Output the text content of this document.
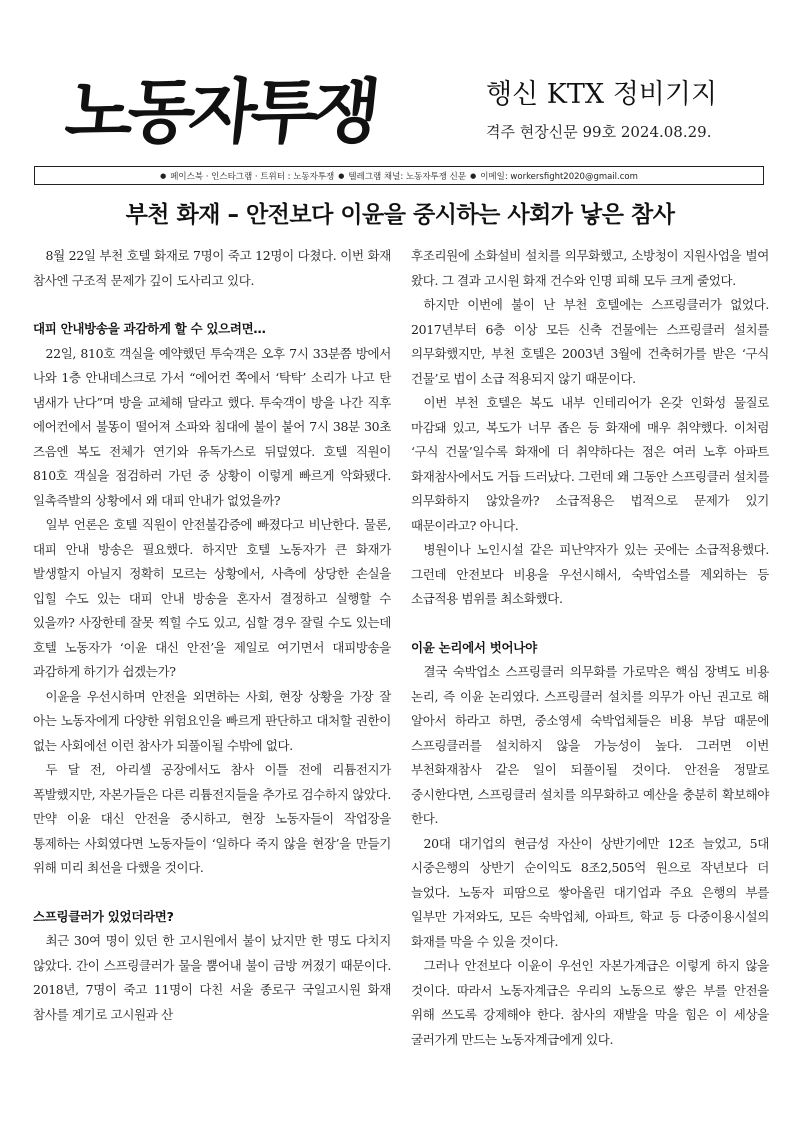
노동자투쟁	행신 KTX 정비기지
격주 현장신문 99호 2024.08.29.
● 페이스북 · 인스타그램 · 트위터 : 노동자투쟁 ● 텔레그램 채널: 노동자투쟁 신문 ● 이메일: workersfight2020@gmail.com
부천 화재 – 안전보다 이윤을 중시하는 사회가 낳은 참사

8월 22일 부천 호텔 화재로 7명이 죽고 12명이 다쳤다. 이번 화재 참사엔 구조적 문제가 깊이 도사리고 있다.

대피 안내방송을 과감하게 할 수 있으려면…

22일, 810호 객실을 예약했던 투숙객은 오후 7시 33분쯤 방에서 나와 1층 안내데스크로 가서 “에어컨 쪽에서 ‘탁탁’ 소리가 나고 탄 냄새가 난다”며 방을 교체해 달라고 했다. 투숙객이 방을 나간 직후 에어컨에서 불똥이 떨어져 소파와 침대에 불이 붙어 7시 38분 30초 즈음엔 복도 전체가 연기와 유독가스로 뒤덮였다. 호텔 직원이 810호 객실을 점검하러 가던 중 상황이 이렇게 빠르게 악화됐다. 일촉즉발의 상황에서 왜 대피 안내가 없었을까?

일부 언론은 호텔 직원이 안전불감증에 빠졌다고 비난한다. 물론, 대피 안내 방송은 필요했다. 하지만 호텔 노동자가 큰 화재가 발생할지 아닐지 정확히 모르는 상황에서, 사측에 상당한 손실을 입힐 수도 있는 대피 안내 방송을 혼자서 결정하고 실행할 수 있을까? 사장한테 잘못 찍힐 수도 있고, 심할 경우 잘릴 수도 있는데 호텔 노동자가 ‘이윤 대신 안전’을 제일로 여기면서 대피방송을 과감하게 하기가 쉽겠는가?

이윤을 우선시하며 안전을 외면하는 사회, 현장 상황을 가장 잘 아는 노동자에게 다양한 위험요인을 빠르게 판단하고 대처할 권한이 없는 사회에선 이런 참사가 되풀이될 수밖에 없다.

두 달 전, 아리셀 공장에서도 참사 이틀 전에 리튬전지가 폭발했지만, 자본가들은 다른 리튬전지들을 추가로 검수하지 않았다. 만약 이윤 대신 안전을 중시하고, 현장 노동자들이 작업장을 통제하는 사회였다면 노동자들이 ‘일하다 죽지 않을 현장’을 만들기 위해 미리 최선을 다했을 것이다.

스프링클러가 있었더라면?

최근 30여 명이 있던 한 고시원에서 불이 났지만 한 명도 다치지 않았다. 간이 스프링클러가 물을 뿜어내 불이 금방 꺼졌기 때문이다. 2018년, 7명이 죽고 11명이 다친 서울 종로구 국일고시원 화재 참사를 계기로 고시원과 산

후조리원에 소화설비 설치를 의무화했고, 소방청이 지원사업을 벌여 왔다. 그 결과 고시원 화재 건수와 인명 피해 모두 크게 줄었다.

하지만 이번에 불이 난 부천 호텔에는 스프링클러가 없었다. 2017년부터 6층 이상 모든 신축 건물에는 스프링클러 설치를 의무화했지만, 부천 호텔은 2003년 3월에 건축허가를 받은 ‘구식 건물’로 법이 소급 적용되지 않기 때문이다.

이번 부천 호텔은 복도 내부 인테리어가 온갖 인화성 물질로 마감돼 있고, 복도가 너무 좁은 등 화재에 매우 취약했다. 이처럼 ‘구식 건물’일수록 화재에 더 취약하다는 점은 여러 노후 아파트 화재참사에서도 거듭 드러났다. 그런데 왜 그동안 스프링클러 설치를 의무화하지 않았을까? 소급적용은 법적으로 문제가 있기 때문이라고? 아니다.

병원이나 노인시설 같은 피난약자가 있는 곳에는 소급적용했다. 그런데 안전보다 비용을 우선시해서, 숙박업소를 제외하는 등 소급적용 범위를 최소화했다.

이윤 논리에서 벗어나야

결국 숙박업소 스프링클러 의무화를 가로막은 핵심 장벽도 비용 논리, 즉 이윤 논리였다. 스프링클러 설치를 의무가 아닌 권고로 해 알아서 하라고 하면, 중소영세 숙박업체들은 비용 부담 때문에 스프링클러를 설치하지 않을 가능성이 높다. 그러면 이번 부천화재참사 같은 일이 되풀이될 것이다. 안전을 정말로 중시한다면, 스프링클러 설치를 의무화하고 예산을 충분히 확보해야 한다.

20대 대기업의 현금성 자산이 상반기에만 12조 늘었고, 5대 시중은행의 상반기 순이익도 8조2,505억 원으로 작년보다 더 늘었다. 노동자 피땀으로 쌓아올린 대기업과 주요 은행의 부를 일부만 가져와도, 모든 숙박업체, 아파트, 학교 등 다중이용시설의 화재를 막을 수 있을 것이다.

그러나 안전보다 이윤이 우선인 자본가계급은 이렇게 하지 않을 것이다. 따라서 노동자계급은 우리의 노동으로 쌓은 부를 안전을 위해 쓰도록 강제해야 한다. 참사의 재발을 막을 힘은 이 세상을 굴러가게 만드는 노동자계급에게 있다.
